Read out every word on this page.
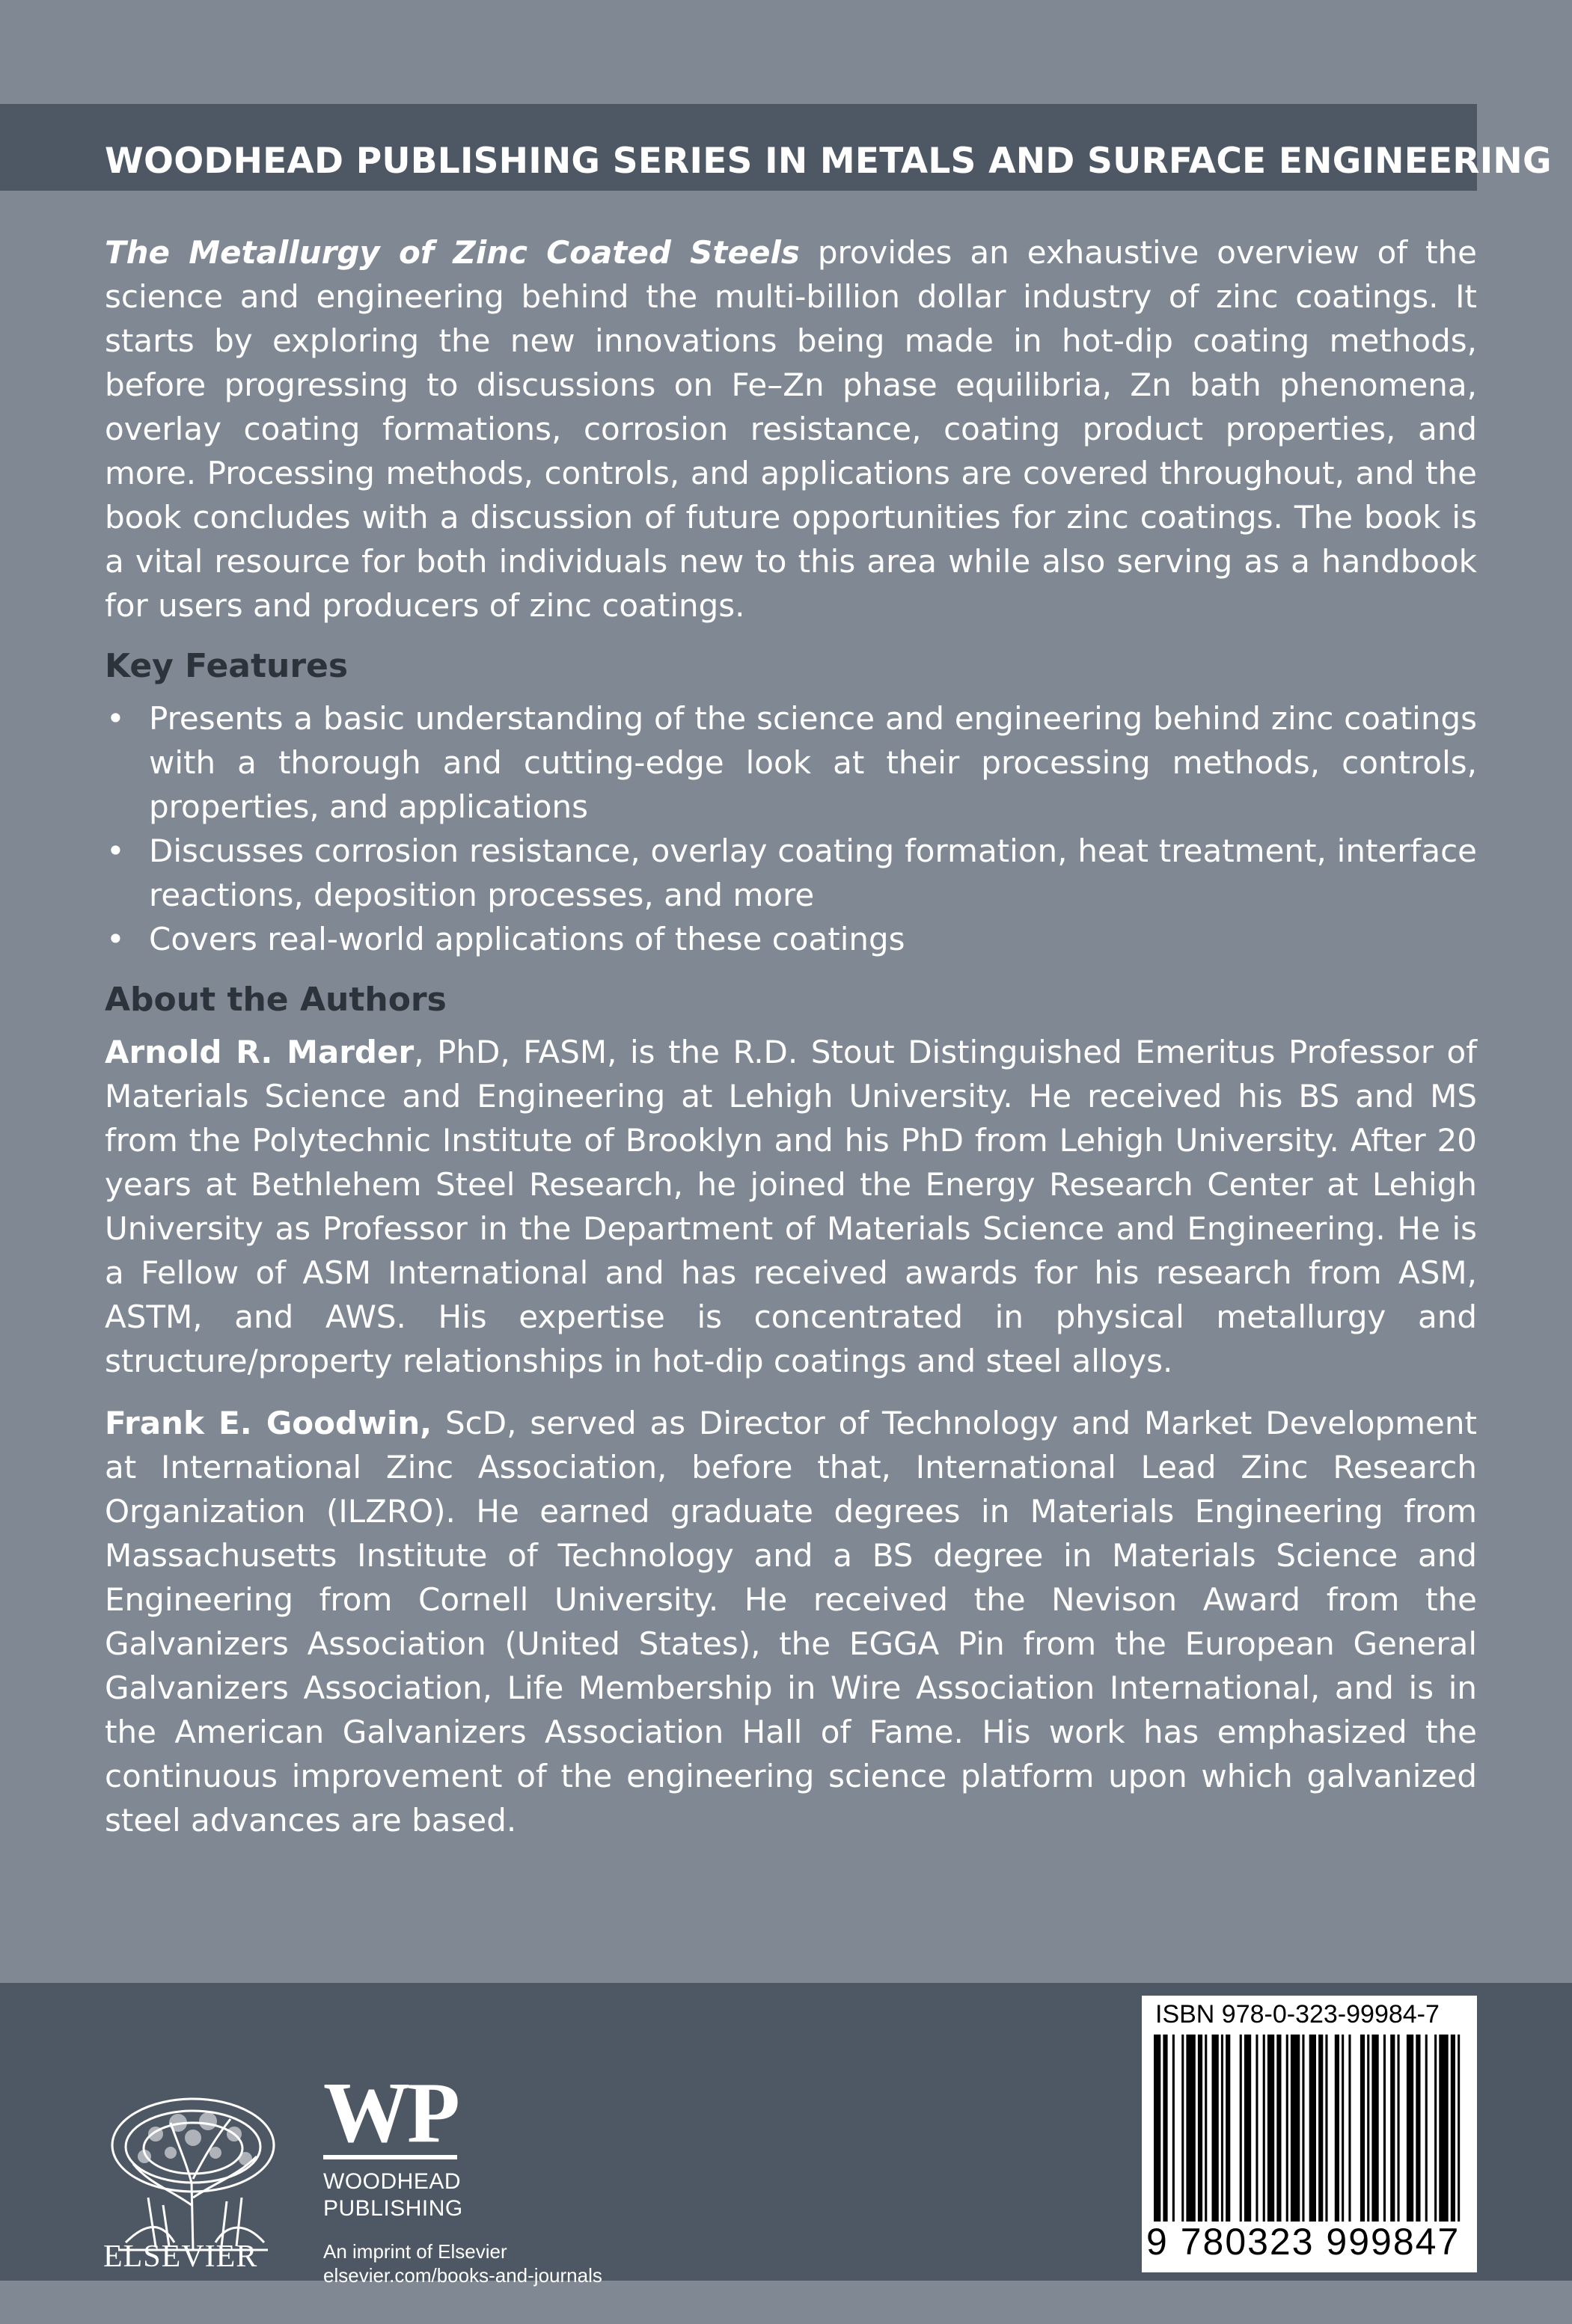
WOODHEAD PUBLISHING SERIES IN METALS AND SURFACE ENGINEERING

The Metallurgy of Zinc Coated Steels provides an exhaustive overview of the science and engineering behind the multi-billion dollar industry of zinc coatings. It starts by exploring the new innovations being made in hot-dip coating methods, before progressing to discussions on Fe–Zn phase equilibria, Zn bath phenomena, overlay coating formations, corrosion resistance, coating product properties, and more. Processing methods, controls, and applications are covered throughout, and the book concludes with a discussion of future opportunities for zinc coatings. The book is a vital resource for both individuals new to this area while also serving as a handbook for users and producers of zinc coatings.

Key Features

• Presents a basic understanding of the science and engineering behind zinc coatings with a thorough and cutting-edge look at their processing methods, controls, properties, and applications
• Discusses corrosion resistance, overlay coating formation, heat treatment, interface reactions, deposition processes, and more
• Covers real-world applications of these coatings

About the Authors

Arnold R. Marder, PhD, FASM, is the R.D. Stout Distinguished Emeritus Professor of Materials Science and Engineering at Lehigh University. He received his BS and MS from the Polytechnic Institute of Brooklyn and his PhD from Lehigh University. After 20 years at Bethlehem Steel Research, he joined the Energy Research Center at Lehigh University as Professor in the Department of Materials Science and Engineering. He is a Fellow of ASM International and has received awards for his research from ASM, ASTM, and AWS. His expertise is concentrated in physical metallurgy and structure/property relationships in hot-dip coatings and steel alloys.

Frank E. Goodwin, ScD, served as Director of Technology and Market Development at International Zinc Association, before that, International Lead Zinc Research Organization (ILZRO). He earned graduate degrees in Materials Engineering from Massachusetts Institute of Technology and a BS degree in Materials Science and Engineering from Cornell University. He received the Nevison Award from the Galvanizers Association (United States), the EGGA Pin from the European General Galvanizers Association, Life Membership in Wire Association International, and is in the American Galvanizers Association Hall of Fame. His work has emphasized the continuous improvement of the engineering science platform upon which galvanized steel advances are based.

ELSEVIER
WP
WOODHEAD
PUBLISHING
An imprint of Elsevier
elsevier.com/books-and-journals
ISBN 978-0-323-99984-7
9 780323 999847
